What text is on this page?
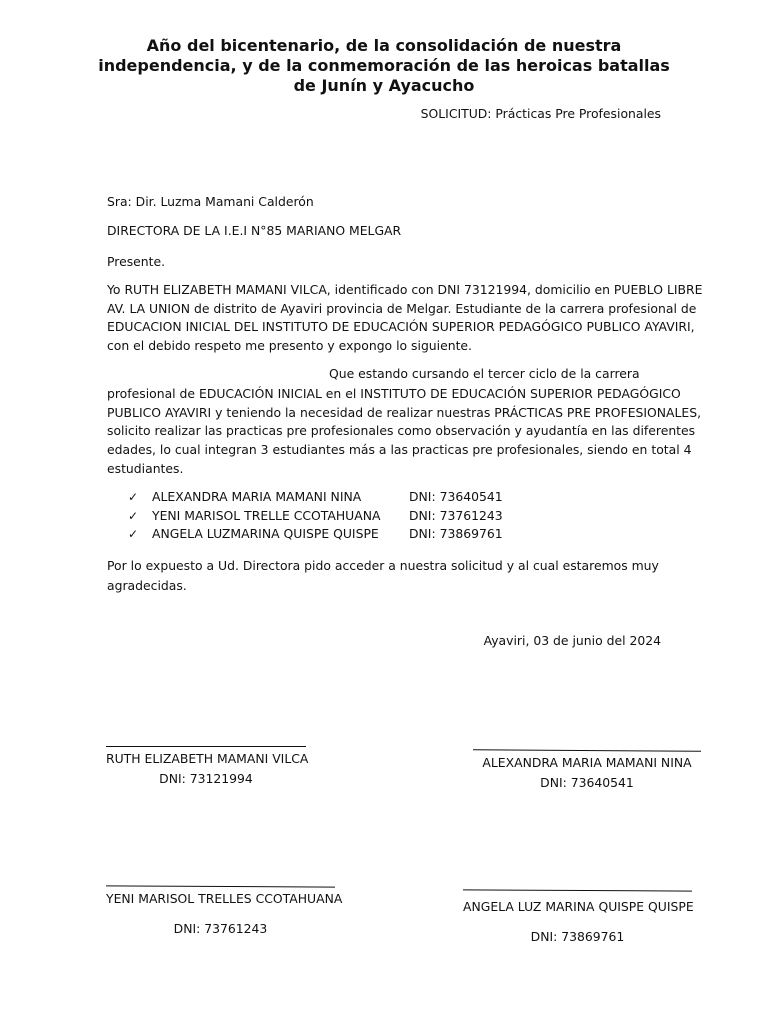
Año del bicentenario, de la consolidación de nuestra
independencia, y de la conmemoración de las heroicas batallas
de Junín y Ayacucho
SOLICITUD: Prácticas Pre Profesionales
Sra: Dir. Luzma Mamani Calderón
DIRECTORA DE LA I.E.I N°85 MARIANO MELGAR
Presente.
Yo RUTH ELIZABETH MAMANI VILCA, identificado con DNI 73121994, domicilio en PUEBLO LIBRE
AV. LA UNION de distrito de Ayaviri provincia de Melgar. Estudiante de la carrera profesional de
EDUCACION INICIAL DEL INSTITUTO DE EDUCACIÓN SUPERIOR PEDAGÓGICO PUBLICO AYAVIRI,
con el debido respeto me presento y expongo lo siguiente.
Que estando cursando el tercer ciclo de la carrera
profesional de EDUCACIÓN INICIAL en el INSTITUTO DE EDUCACIÓN SUPERIOR PEDAGÓGICO
PUBLICO AYAVIRI y teniendo la necesidad de realizar nuestras PRÁCTICAS PRE PROFESIONALES,
solicito realizar las practicas pre profesionales como observación y ayudantía en las diferentes
edades, lo cual integran 3 estudiantes más a las practicas pre profesionales, siendo en total 4
estudiantes.
✓ ALEXANDRA MARIA MAMANI NINA	DNI: 73640541
✓ YENI MARISOL TRELLE CCOTAHUANA DNI: 73761243
✓ ANGELA LUZMARINA QUISPE QUISPE DNI: 73869761
Por lo expuesto a Ud. Directora pido acceder a nuestra solicitud y al cual estaremos muy
agradecidas.
Ayaviri, 03 de junio del 2024
RUTH ELIZABETH MAMANI VILCA
DNI: 73121994
ALEXANDRA MARIA MAMANI NINA
DNI: 73640541
YENI MARISOL TRELLES CCOTAHUANA
DNI: 73761243
ANGELA LUZ MARINA QUISPE QUISPE
DNI: 73869761
